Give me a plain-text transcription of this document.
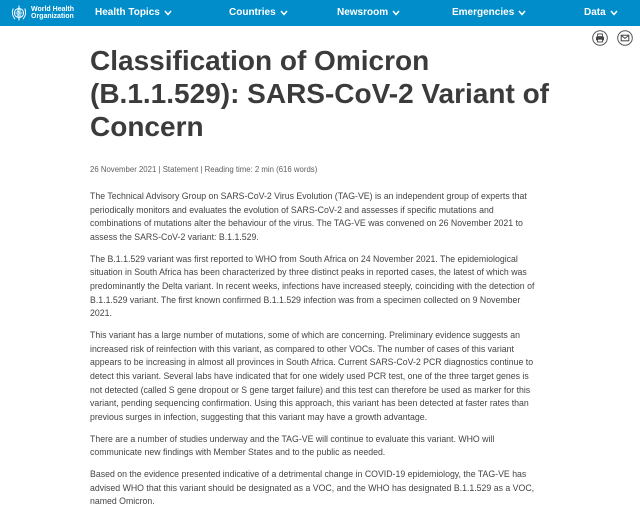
World Health
Organization Health Topics	Countries	Newsroom	Emergencies	Data
Classification of Omicron (B.1.1.529): SARS-CoV-2 Variant of Concern
26 November 2021 | Statement | Reading time: 2 min (616 words)

The Technical Advisory Group on SARS-CoV-2 Virus Evolution (TAG-VE) is an independent group of experts that
periodically monitors and evaluates the evolution of SARS-CoV-2 and assesses if specific mutations and
combinations of mutations alter the behaviour of the virus. The TAG-VE was convened on 26 November 2021 to
assess the SARS-CoV-2 variant: B.1.1.529.

The B.1.1.529 variant was first reported to WHO from South Africa on 24 November 2021. The epidemiological
situation in South Africa has been characterized by three distinct peaks in reported cases, the latest of which was
predominantly the Delta variant. In recent weeks, infections have increased steeply, coinciding with the detection of
B.1.1.529 variant. The first known confirmed B.1.1.529 infection was from a specimen collected on 9 November
2021.

This variant has a large number of mutations, some of which are concerning. Preliminary evidence suggests an
increased risk of reinfection with this variant, as compared to other VOCs. The number of cases of this variant
appears to be increasing in almost all provinces in South Africa. Current SARS-CoV-2 PCR diagnostics continue to
detect this variant. Several labs have indicated that for one widely used PCR test, one of the three target genes is
not detected (called S gene dropout or S gene target failure) and this test can therefore be used as marker for this
variant, pending sequencing confirmation. Using this approach, this variant has been detected at faster rates than
previous surges in infection, suggesting that this variant may have a growth advantage.

There are a number of studies underway and the TAG-VE will continue to evaluate this variant. WHO will
communicate new findings with Member States and to the public as needed.

Based on the evidence presented indicative of a detrimental change in COVID-19 epidemiology, the TAG-VE has
advised WHO that this variant should be designated as a VOC, and the WHO has designated B.1.1.529 as a VOC,
named Omicron.
